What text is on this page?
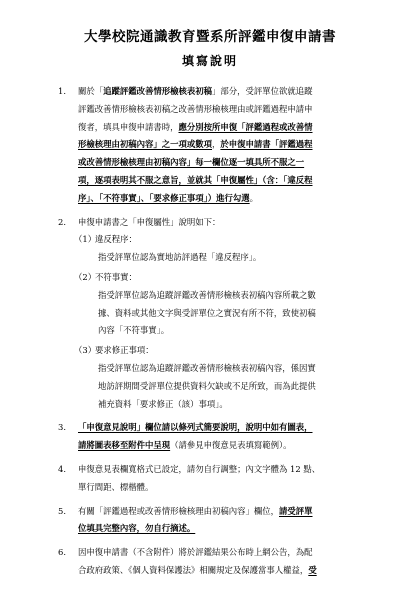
大學校院通識教育暨系所評鑑申復申請書
填寫說明
1. 關於「追蹤評鑑改善情形檢核表初稿」部分，受評單位欲就追蹤
評鑑改善情形檢核表初稿之改善情形檢核理由或評鑑過程申請申
復者，填具申復申請書時，應分別按所申復「評鑑過程或改善情
形檢核理由初稿內容」之一項或數項，於申復申請書「評鑑過程
或改善情形檢核理由初稿內容」每一欄位逐一填具所不服之一
項，逐項表明其不服之意旨，並就其「申復屬性」（含：「違反程
序」、「不符事實」、「要求修正事項」）進行勾選。
2. 申復申請書之「申復屬性」說明如下：
（1）
違反程序：
指受評單位認為實地訪評過程「違反程序」。
（2）
不符事實：
指受評單位認為追蹤評鑑改善情形檢核表初稿內容所載之數
據、資料或其他文字與受評單位之實況有所不符，致使初稿
內容「不符事實」。
（3）
要求修正事項：
指受評單位認為追蹤評鑑改善情形檢核表初稿內容，係因實
地訪評期間受評單位提供資料欠缺或不足所致，而為此提供
補充資料「要求修正（該）事項」。
3. 「申復意見說明」欄位請以條列式簡要說明，說明中如有圖表，
請將圖表移至附件中呈現（請參見申復意見表填寫範例）。
4. 申復意見表欄寬格式已設定，請勿自行調整；內文字體為 12 點、
單行間距、標楷體。
5. 有關「評鑑過程或改善情形檢核理由初稿內容」欄位，請受評單
位填具完整內容，勿自行摘述。
6. 因申復申請書（不含附件）將於評鑑結果公布時上網公告，為配
合政府政策、《個人資料保護法》相關規定及保護當事人權益，受
